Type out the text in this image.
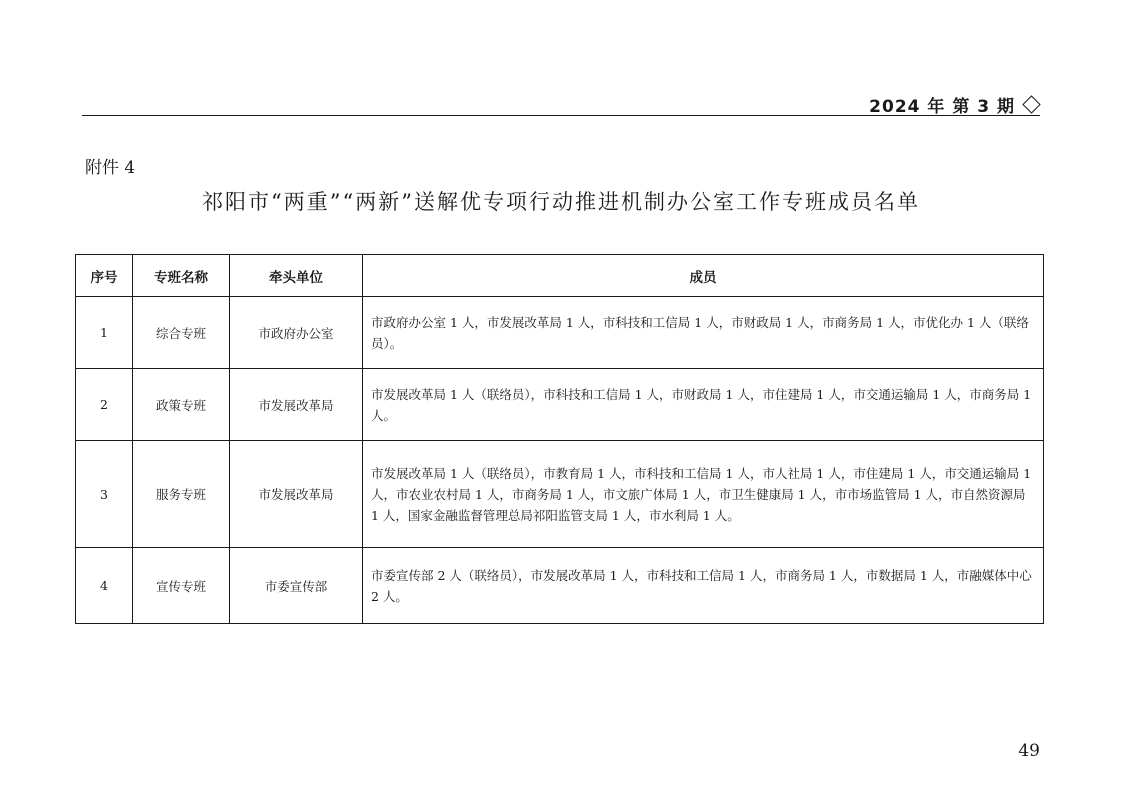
2024 年 第 3 期
附件 4
祁阳市“两重”“两新”送解优专项行动推进机制办公室工作专班成员名单
序号	专班名称	牵头单位	成员
1	综合专班	市政府办公室	市政府办公室 1 人，市发展改革局 1 人，市科技和工信局 1 人，市财政局 1 人，市商务局 1 人，市优化办 1 人（联络员）。
2	政策专班	市发展改革局	市发展改革局 1 人（联络员），市科技和工信局 1 人，市财政局 1 人，市住建局 1 人，市交通运输局 1 人，市商务局 1 人。
3	服务专班	市发展改革局	市发展改革局 1 人（联络员），市教育局 1 人，市科技和工信局 1 人，市人社局 1 人，市住建局 1 人，市交通运输局 1 人，市农业农村局 1 人，市商务局 1 人，市文旅广体局 1 人，市卫生健康局 1 人，市市场监管局 1 人，市自然资源局 1 人，国家金融监督管理总局祁阳监管支局 1 人，市水利局 1 人。
4	宣传专班	市委宣传部	市委宣传部 2 人（联络员），市发展改革局 1 人，市科技和工信局 1 人，市商务局 1 人，市数据局 1 人，市融媒体中心 2 人。
49
